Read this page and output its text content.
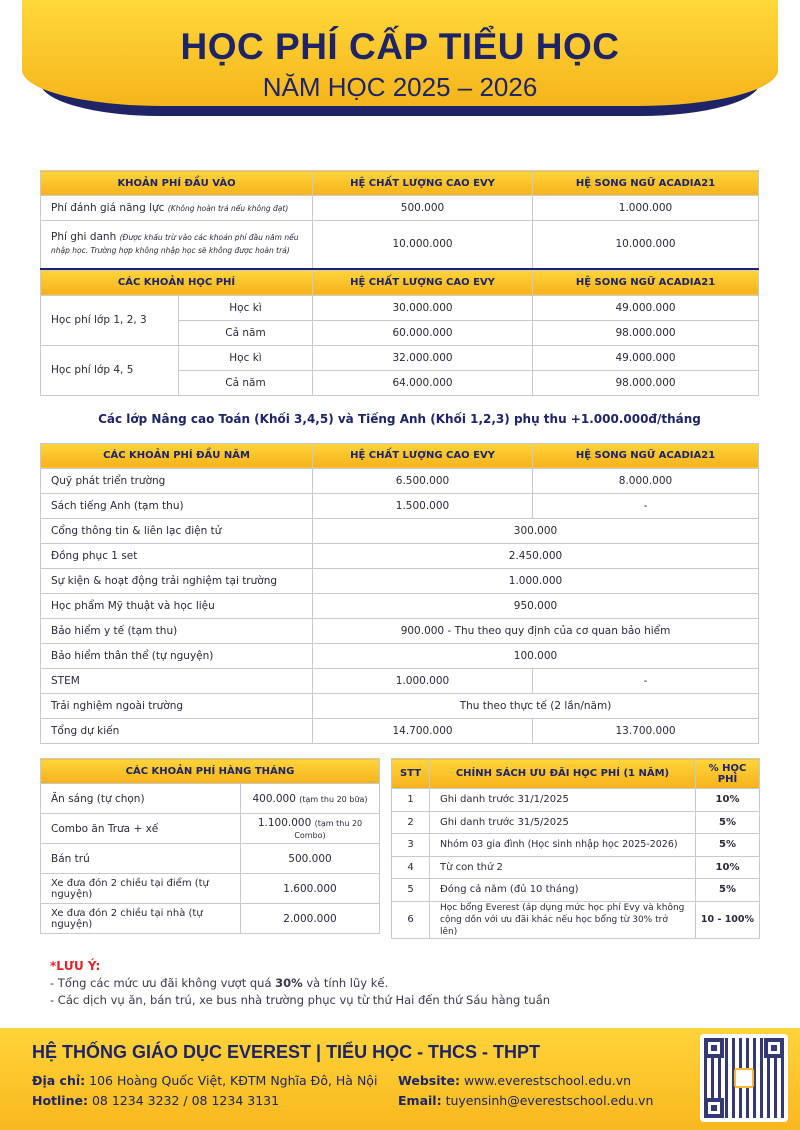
HỌC PHÍ CẤP TIỂU HỌC
NĂM HỌC 2025 – 2026
KHOẢN PHÍ ĐẦU VÀO		HỆ CHẤT LƯỢNG CAO EVY	HỆ SONG NGỮ ACADIA21
Phí đánh giá năng lực (Không hoàn trả nếu không đạt)		500.000	1.000.000
Phí ghi danh (Được khấu trừ vào các khoản phí đầu năm nếu nhập học. Trường hợp không nhập học sẽ không được hoàn trả)		10.000.000	10.000.000

CÁC KHOẢN HỌC PHÍ		HỆ CHẤT LƯỢNG CAO EVY	HỆ SONG NGỮ ACADIA21
Học phí lớp 1, 2, 3	Học kì	30.000.000	49.000.000
	Cả năm	60.000.000	98.000.000
Học phí lớp 4, 5	Học kì	32.000.000	49.000.000
	Cả năm	64.000.000	98.000.000
Các lớp Nâng cao Toán (Khối 3,4,5) và Tiếng Anh (Khối 1,2,3) phụ thu +1.000.000đ/tháng			
CÁC KHOẢN PHÍ ĐẦU NĂM		HỆ CHẤT LƯỢNG CAO EVY	HỆ SONG NGỮ ACADIA21
Quỹ phát triển trường		6.500.000	8.000.000
Sách tiếng Anh (tạm thu)		1.500.000	-
Cổng thông tin & liên lạc điện tử		300.000	
Đồng phục 1 set		2.450.000	
Sự kiện & hoạt động trải nghiệm tại trường		1.000.000	
Học phẩm Mỹ thuật và học liệu		950.000	
Bảo hiểm y tế (tạm thu)		900.000 - Thu theo quy định của cơ quan bảo hiểm	
Bảo hiểm thân thể (tự nguyện)		100.000	
STEM		1.000.000	-
Trải nghiệm ngoài trường		Thu theo thực tế (2 lần/năm)	
Tổng dự kiến		14.700.000	13.700.000
CÁC KHOẢN PHÍ HÀNG THÁNG	
Ăn sáng (tự chọn)	400.000 (tạm thu 20 bữa)
Combo ăn Trưa + xế	1.100.000 (tạm thu 20 Combo)
Bán trú	500.000
Xe đưa đón 2 chiều tại điểm (tự nguyện)	1.600.000
Xe đưa đón 2 chiều tại nhà (tự nguyện)	2.000.000
STT	CHÍNH SÁCH ƯU ĐÃI HỌC PHÍ (1 NĂM)	% HỌC PHÍ
1	Ghi danh trước 31/1/2025	10%
2	Ghi danh trước 31/5/2025	5%
3	Nhóm 03 gia đình (Học sinh nhập học 2025-2026)	5%
4	Từ con thứ 2	10%
5	Đóng cả năm (đủ 10 tháng)	5%
6	Học bổng Everest (áp dụng mức học phí Evy và không cộng dồn với ưu đãi khác nếu học bổng từ 30% trở lên)	10 - 100%
*LƯU Ý:
- Tổng các mức ưu đãi không vượt quá 30% và tính lũy kế.
- Các dịch vụ ăn, bán trú, xe bus nhà trường phục vụ từ thứ Hai đến thứ Sáu hàng tuần
HỆ THỐNG GIÁO DỤC EVEREST | TIỂU HỌC - THCS - THPT
Địa chỉ: 106 Hoàng Quốc Việt, KĐTM Nghĩa Đô, Hà Nội
Hotline: 08 1234 3232 / 08 1234 3131
Website: www.everestschool.edu.vn
Email: tuyensinh@everestschool.edu.vn
